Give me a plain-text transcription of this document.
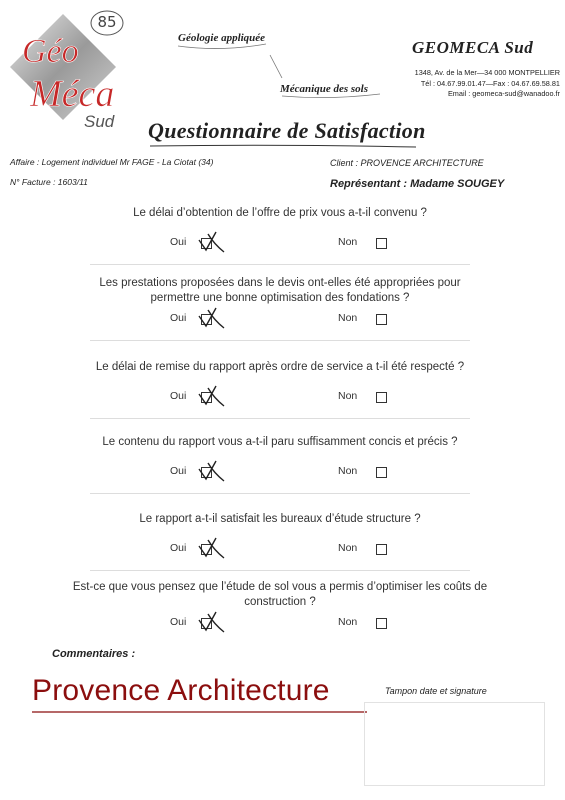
Géo
Méca
Sud
85
Géologie appliquée
Mécanique des sols
GEOMECA Sud
1348, Av. de la Mer—34 000 MONTPELLIER
Tél : 04.67.99.01.47—Fax : 04.67.69.58.81
Email : geomeca-sud@wanadoo.fr
Questionnaire de Satisfaction
Affaire : Logement individuel Mr FAGE - La Ciotat (34)
N° Facture : 1603/11
Client : PROVENCE ARCHITECTURE
Représentant : Madame SOUGEY
Le délai d’obtention de l’offre de prix vous a-t-il convenu ?
Oui	Non
Les prestations proposées dans le devis ont-elles été appropriées pour
permettre une bonne optimisation des fondations ?
Oui	Non
Le délai de remise du rapport après ordre de service a t-il été respecté ?
Oui	Non
Le contenu du rapport vous a-t-il paru suffisamment concis et précis ?
Oui	Non
Le rapport a-t-il satisfait les bureaux d’étude structure ?
Oui	Non
Est-ce que vous pensez que l’étude de sol vous a permis d’optimiser les coûts de
construction ?
Oui	Non
Commentaires :
Provence Architecture	Tampon date et signature
